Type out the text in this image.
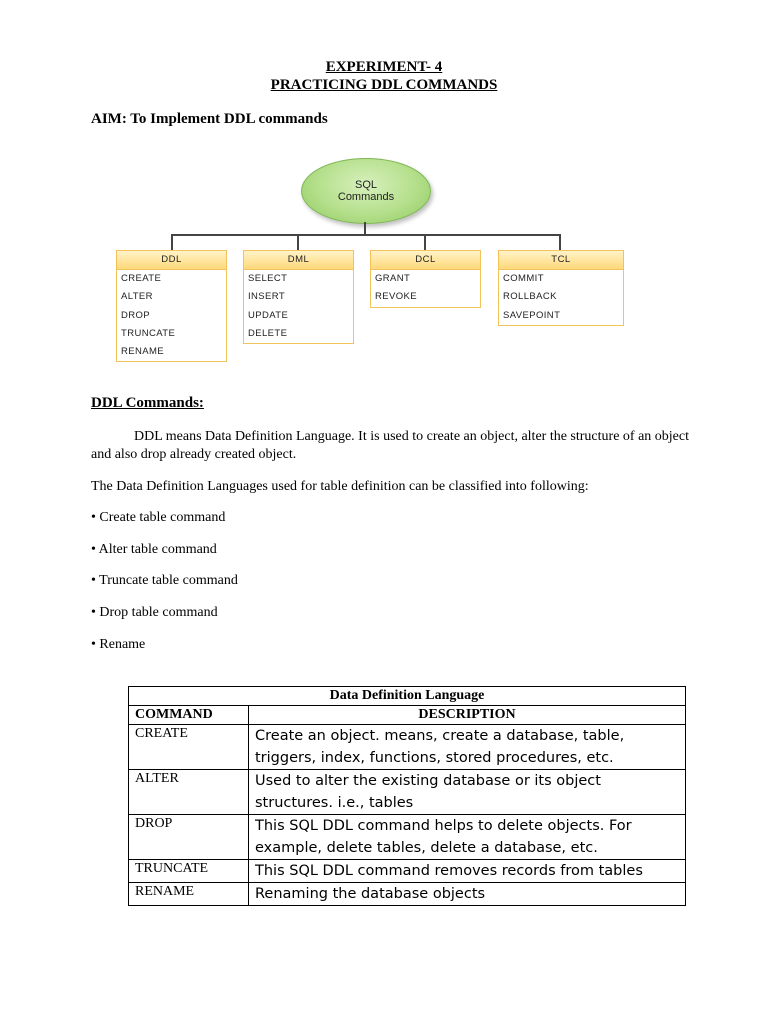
EXPERIMENT- 4
PRACTICING DDL COMMANDS
AIM: To Implement DDL commands
SQL
Commands
DDL
CREATE
ALTER
DROP
TRUNCATE
RENAME
DML
SELECT
INSERT
UPDATE
DELETE
DCL
GRANT
REVOKE
TCL
COMMIT
ROLLBACK
SAVEPOINT
DDL Commands:
DDL means Data Definition Language. It is used to create an object, alter the structure of an object and also drop already created object.
The Data Definition Languages used for table definition can be classified into following:
• Create table command
• Alter table command
• Truncate table command
• Drop table command
• Rename
Data Definition Language	
COMMAND	DESCRIPTION
CREATE	Create an object. means, create a database, table, triggers, index, functions, stored procedures, etc.
ALTER	Used to alter the existing database or its object structures. i.e., tables
DROP	This SQL DDL command helps to delete objects. For example, delete tables, delete a database, etc.
TRUNCATE	This SQL DDL command removes records from tables
RENAME	Renaming the database objects
